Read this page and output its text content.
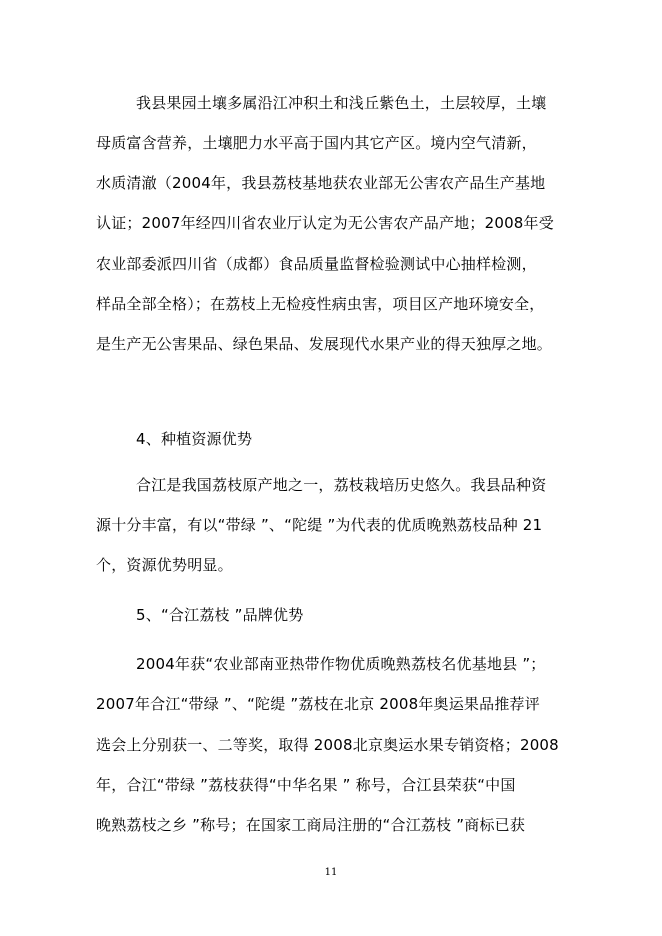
我县果园土壤多属沿江冲积土和浅丘紫色土，土层较厚，土壤
母质富含营养，土壤肥力水平高于国内其它产区。境内空气清新，
水质清澈（2004年，我县荔枝基地获农业部无公害农产品生产基地
认证；2007年经四川省农业厅认定为无公害农产品产地；2008年受
农业部委派四川省（成都）食品质量监督检验测试中心抽样检测，
样品全部全格）；在荔枝上无检疫性病虫害，项目区产地环境安全，
是生产无公害果品、绿色果品、发展现代水果产业的得天独厚之地。
4、种植资源优势
合江是我国荔枝原产地之一，荔枝栽培历史悠久。我县品种资
源十分丰富，有以“带绿 ”、“陀缇 ”为代表的优质晚熟荔枝品种 21
个，资源优势明显。
5、“合江荔枝 ”品牌优势
2004年获“农业部南亚热带作物优质晚熟荔枝名优基地县 ”；
2007年合江“带绿 ”、“陀缇 ”荔枝在北京 2008年奥运果品推荐评
选会上分别获一、二等奖，取得 2008北京奥运水果专销资格；2008
年，合江“带绿 ”荔枝获得“中华名果 ” 称号，合江县荣获“中国
晚熟荔枝之乡 ”称号；在国家工商局注册的“合江荔枝 ”商标已获
11
